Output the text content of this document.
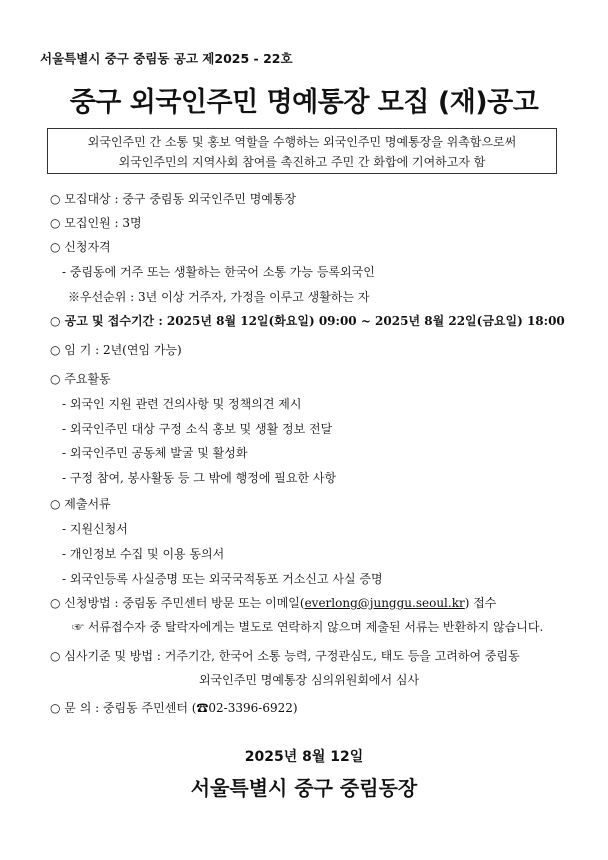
서울특별시 중구 중림동 공고 제2025 - 22호
중구 외국인주민 명예통장 모집 (재)공고
외국인주민 간 소통 및 홍보 역할을 수행하는 외국인주민 명예통장을 위촉함으로써
외국인주민의 지역사회 참여를 촉진하고 주민 간 화합에 기여하고자 함
○ 모집대상 : 중구 중림동 외국인주민 명예통장
○ 모집인원 : 3명
○ 신청자격
- 중림동에 거주 또는 생활하는 한국어 소통 가능 등록외국인
※우선순위 : 3년 이상 거주자, 가정을 이루고 생활하는 자
○ 공고 및 접수기간 : 2025년 8월 12일(화요일) 09:00 ~ 2025년 8월 22일(금요일) 18:00
○ 임 기 : 2년(연임 가능)
○ 주요활동
- 외국인 지원 관련 건의사항 및 정책의견 제시
- 외국인주민 대상 구정 소식 홍보 및 생활 정보 전달
- 외국인주민 공동체 발굴 및 활성화
- 구정 참여, 봉사활동 등 그 밖에 행정에 필요한 사항
○ 제출서류
- 지원신청서
- 개인정보 수집 및 이용 동의서
- 외국인등록 사실증명 또는 외국국적동포 거소신고 사실 증명
○ 신청방법 : 중림동 주민센터 방문 또는 이메일(everlong@junggu.seoul.kr) 접수
☞ 서류접수자 중 탈락자에게는 별도로 연락하지 않으며 제출된 서류는 반환하지 않습니다.
○ 심사기준 및 방법 : 거주기간, 한국어 소통 능력, 구정관심도, 태도 등을 고려하여 중림동
외국인주민 명예통장 심의위원회에서 심사
○ 문 의 : 중림동 주민센터 (☎02-3396-6922)
2025년 8월 12일
서울특별시 중구 중림동장
